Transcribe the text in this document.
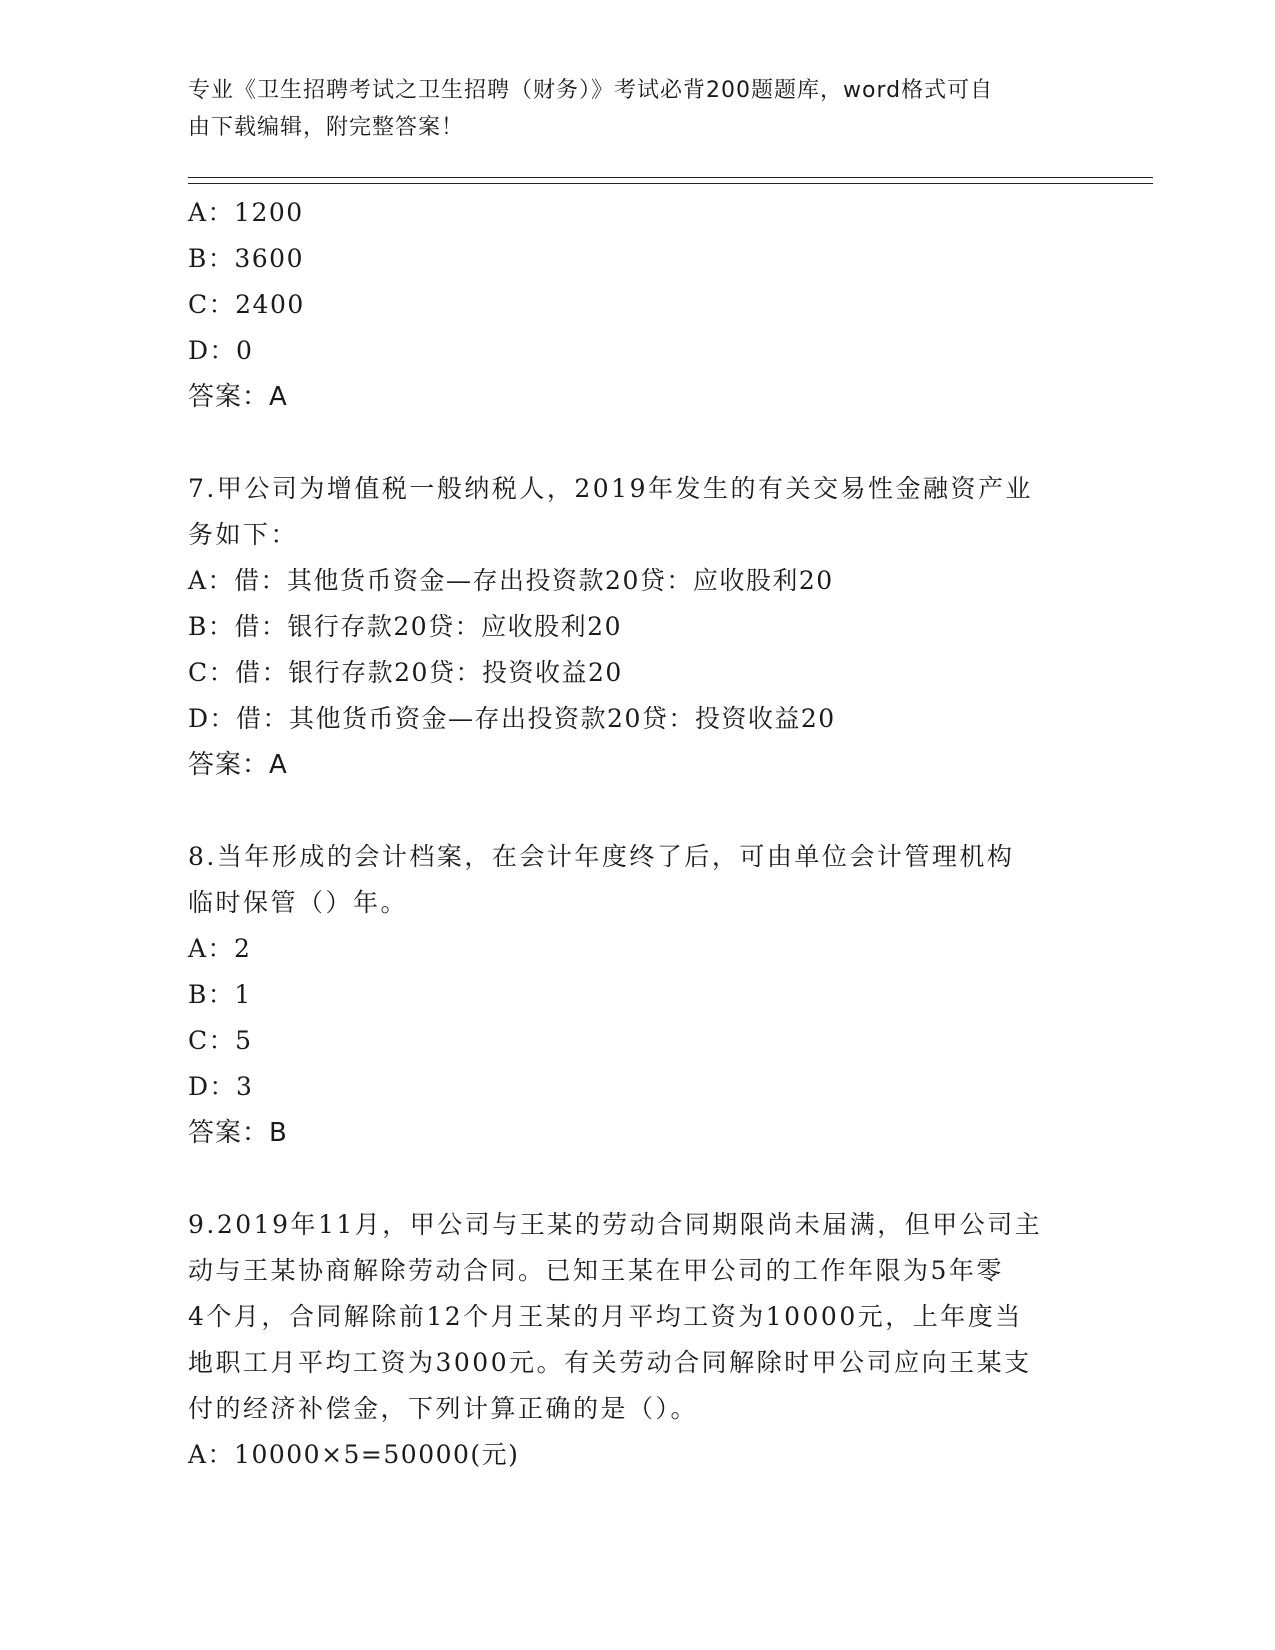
专业《卫生招聘考试之卫生招聘（财务）》考试必背200题题库，word格式可自
由下载编辑，附完整答案！
A：1200
B：3600
C：2400
D：0
答案：A
7.甲公司为增值税一般纳税人，2019年发生的有关交易性金融资产业
务如下：
A：借：其他货币资金—存出投资款20贷：应收股利20
B：借：银行存款20贷：应收股利20
C：借：银行存款20贷：投资收益20
D：借：其他货币资金—存出投资款20贷：投资收益20
答案：A
8.当年形成的会计档案，在会计年度终了后，可由单位会计管理机构
临时保管（）年。
A：2
B：1
C：5
D：3
答案：B
9.2019年11月，甲公司与王某的劳动合同期限尚未届满，但甲公司主
动与王某协商解除劳动合同。已知王某在甲公司的工作年限为5年零
4个月，合同解除前12个月王某的月平均工资为10000元，上年度当
地职工月平均工资为3000元。有关劳动合同解除时甲公司应向王某支
付的经济补偿金，下列计算正确的是（）。
A：10000×5=50000(元)
